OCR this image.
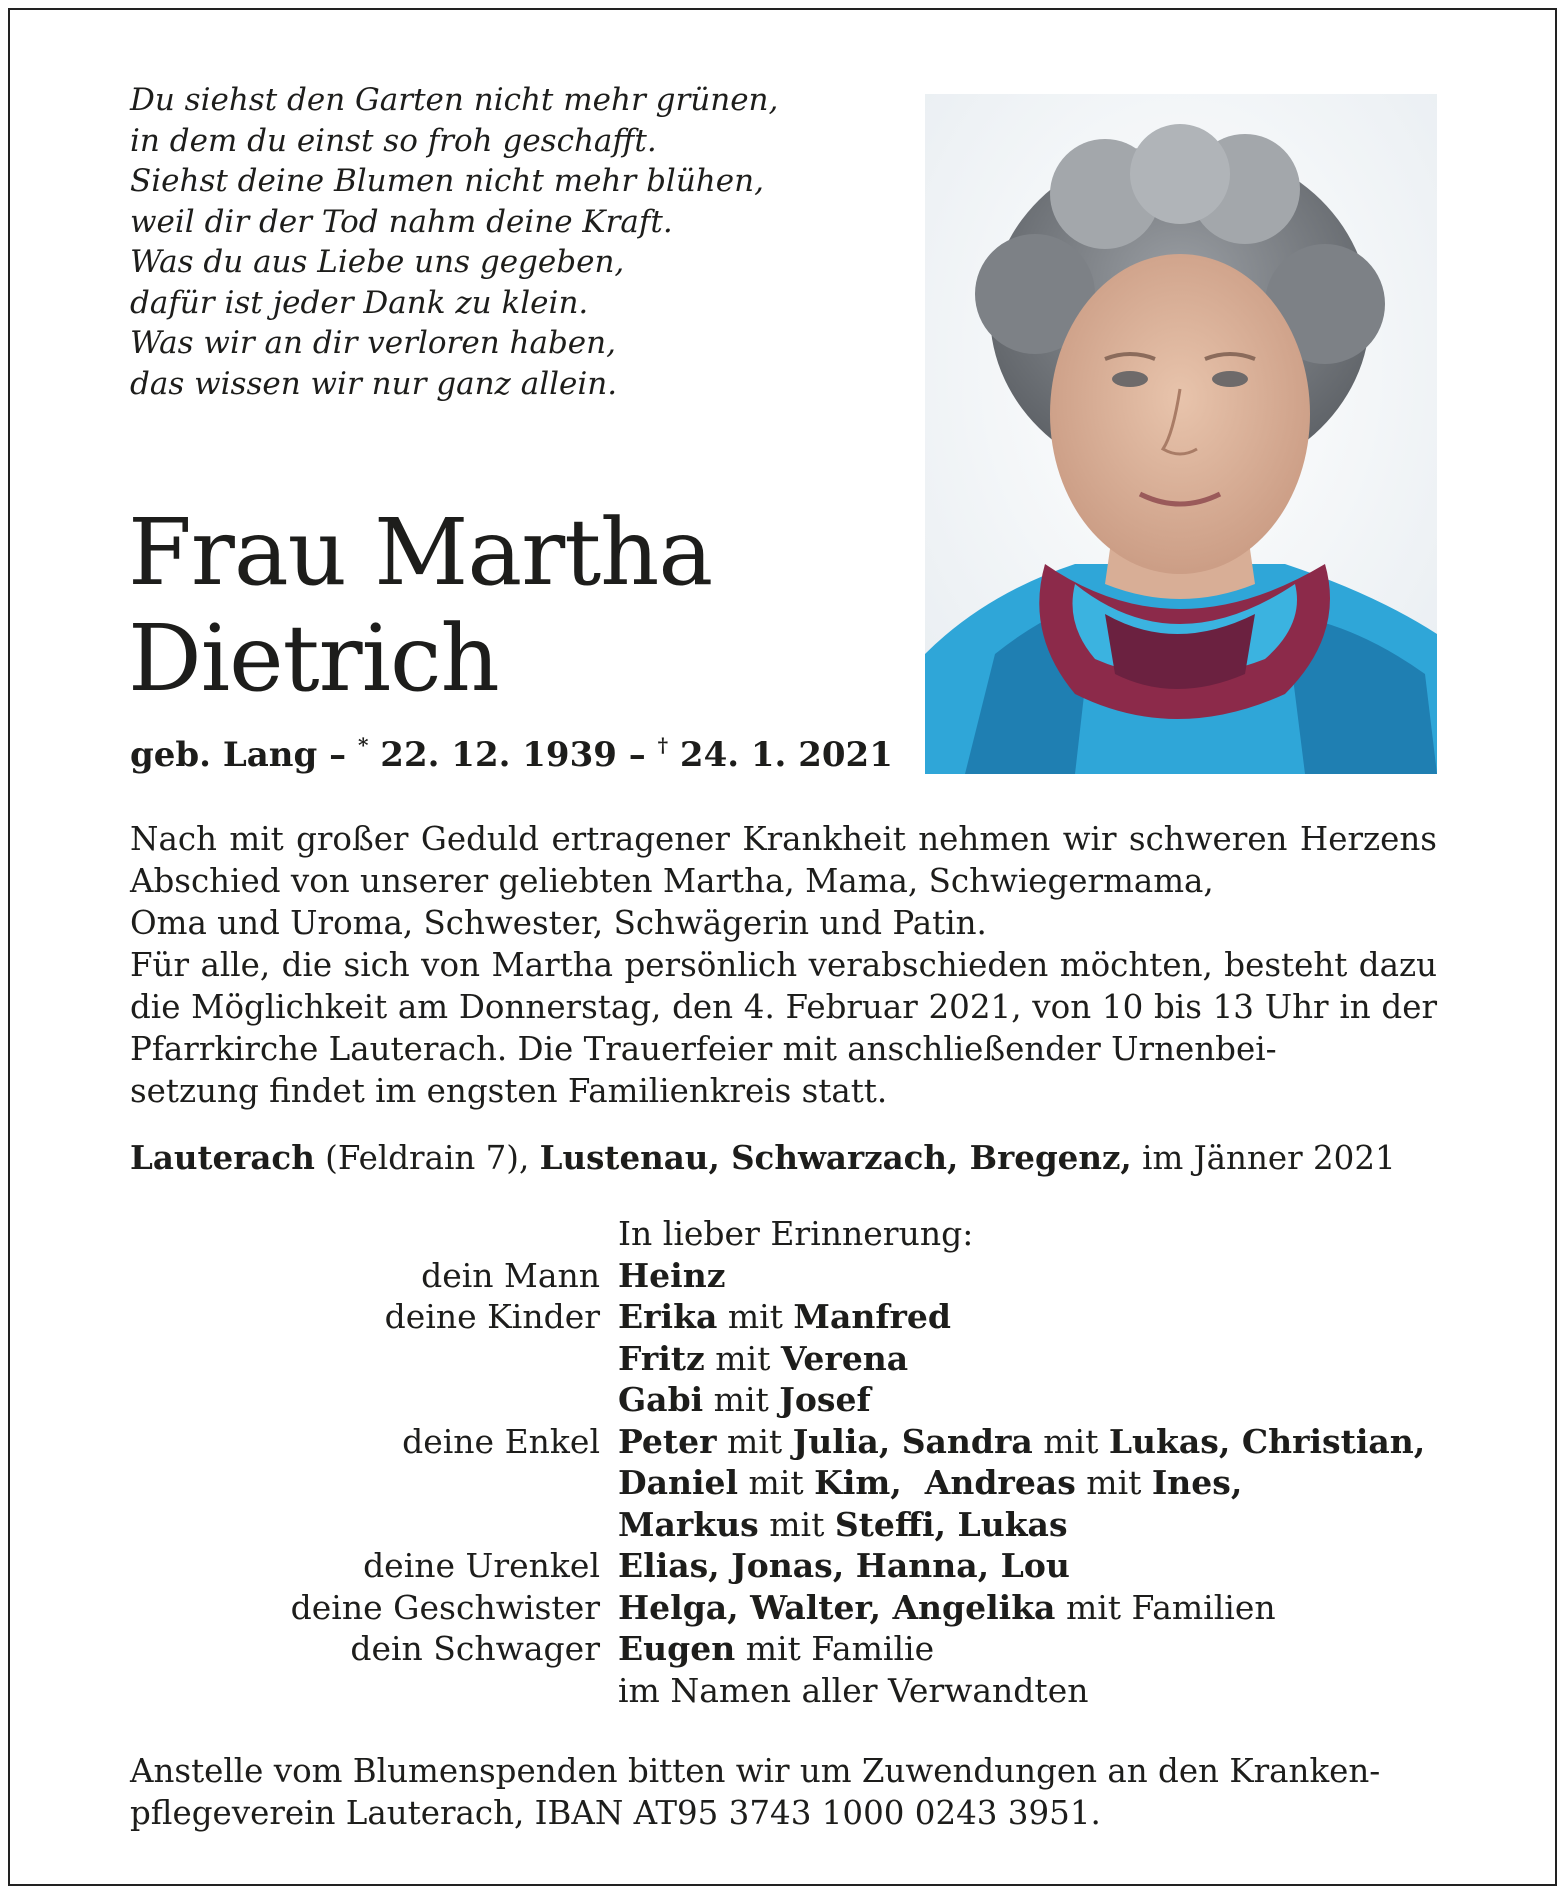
Du siehst den Garten nicht mehr grünen,
in dem du einst so froh geschafft.
Siehst deine Blumen nicht mehr blühen,
weil dir der Tod nahm deine Kraft.
Was du aus Liebe uns gegeben,
dafür ist jeder Dank zu klein.
Was wir an dir verloren haben,
das wissen wir nur ganz allein.
Frau Martha
Dietrich
geb. Lang – * 22. 12. 1939 – † 24. 1. 2021
Nach mit großer Geduld ertragener Krankheit nehmen wir schweren Herzens Abschied von unserer geliebten Martha, Mama, Schwiegermama,
Oma und Uroma, Schwester, Schwägerin und Patin.
Für alle, die sich von Martha persönlich verabschieden möchten, besteht dazu die Möglichkeit am Donnerstag, den 4. Februar 2021, von 10 bis 13 Uhr in der Pfarrkirche Lauterach. Die Trauerfeier mit anschließender Urnenbei-
setzung findet im engsten Familienkreis statt.
Lauterach (Feldrain 7), Lustenau, Schwarzach, Bregenz, im Jänner 2021
In lieber Erinnerung:
dein Mann Heinz
deine Kinder Erika mit Manfred
Fritz mit Verena
Gabi mit Josef
deine Enkel Peter mit Julia, Sandra mit Lukas, Christian,
Daniel mit Kim,  Andreas mit Ines,
Markus mit Steffi, Lukas
deine Urenkel Elias, Jonas, Hanna, Lou
deine Geschwister Helga, Walter, Angelika mit Familien
dein Schwager Eugen mit Familie
im Namen aller Verwandten
Anstelle vom Blumenspenden bitten wir um Zuwendungen an den Kranken-
pflegeverein Lauterach, IBAN AT95 3743 1000 0243 3951.
